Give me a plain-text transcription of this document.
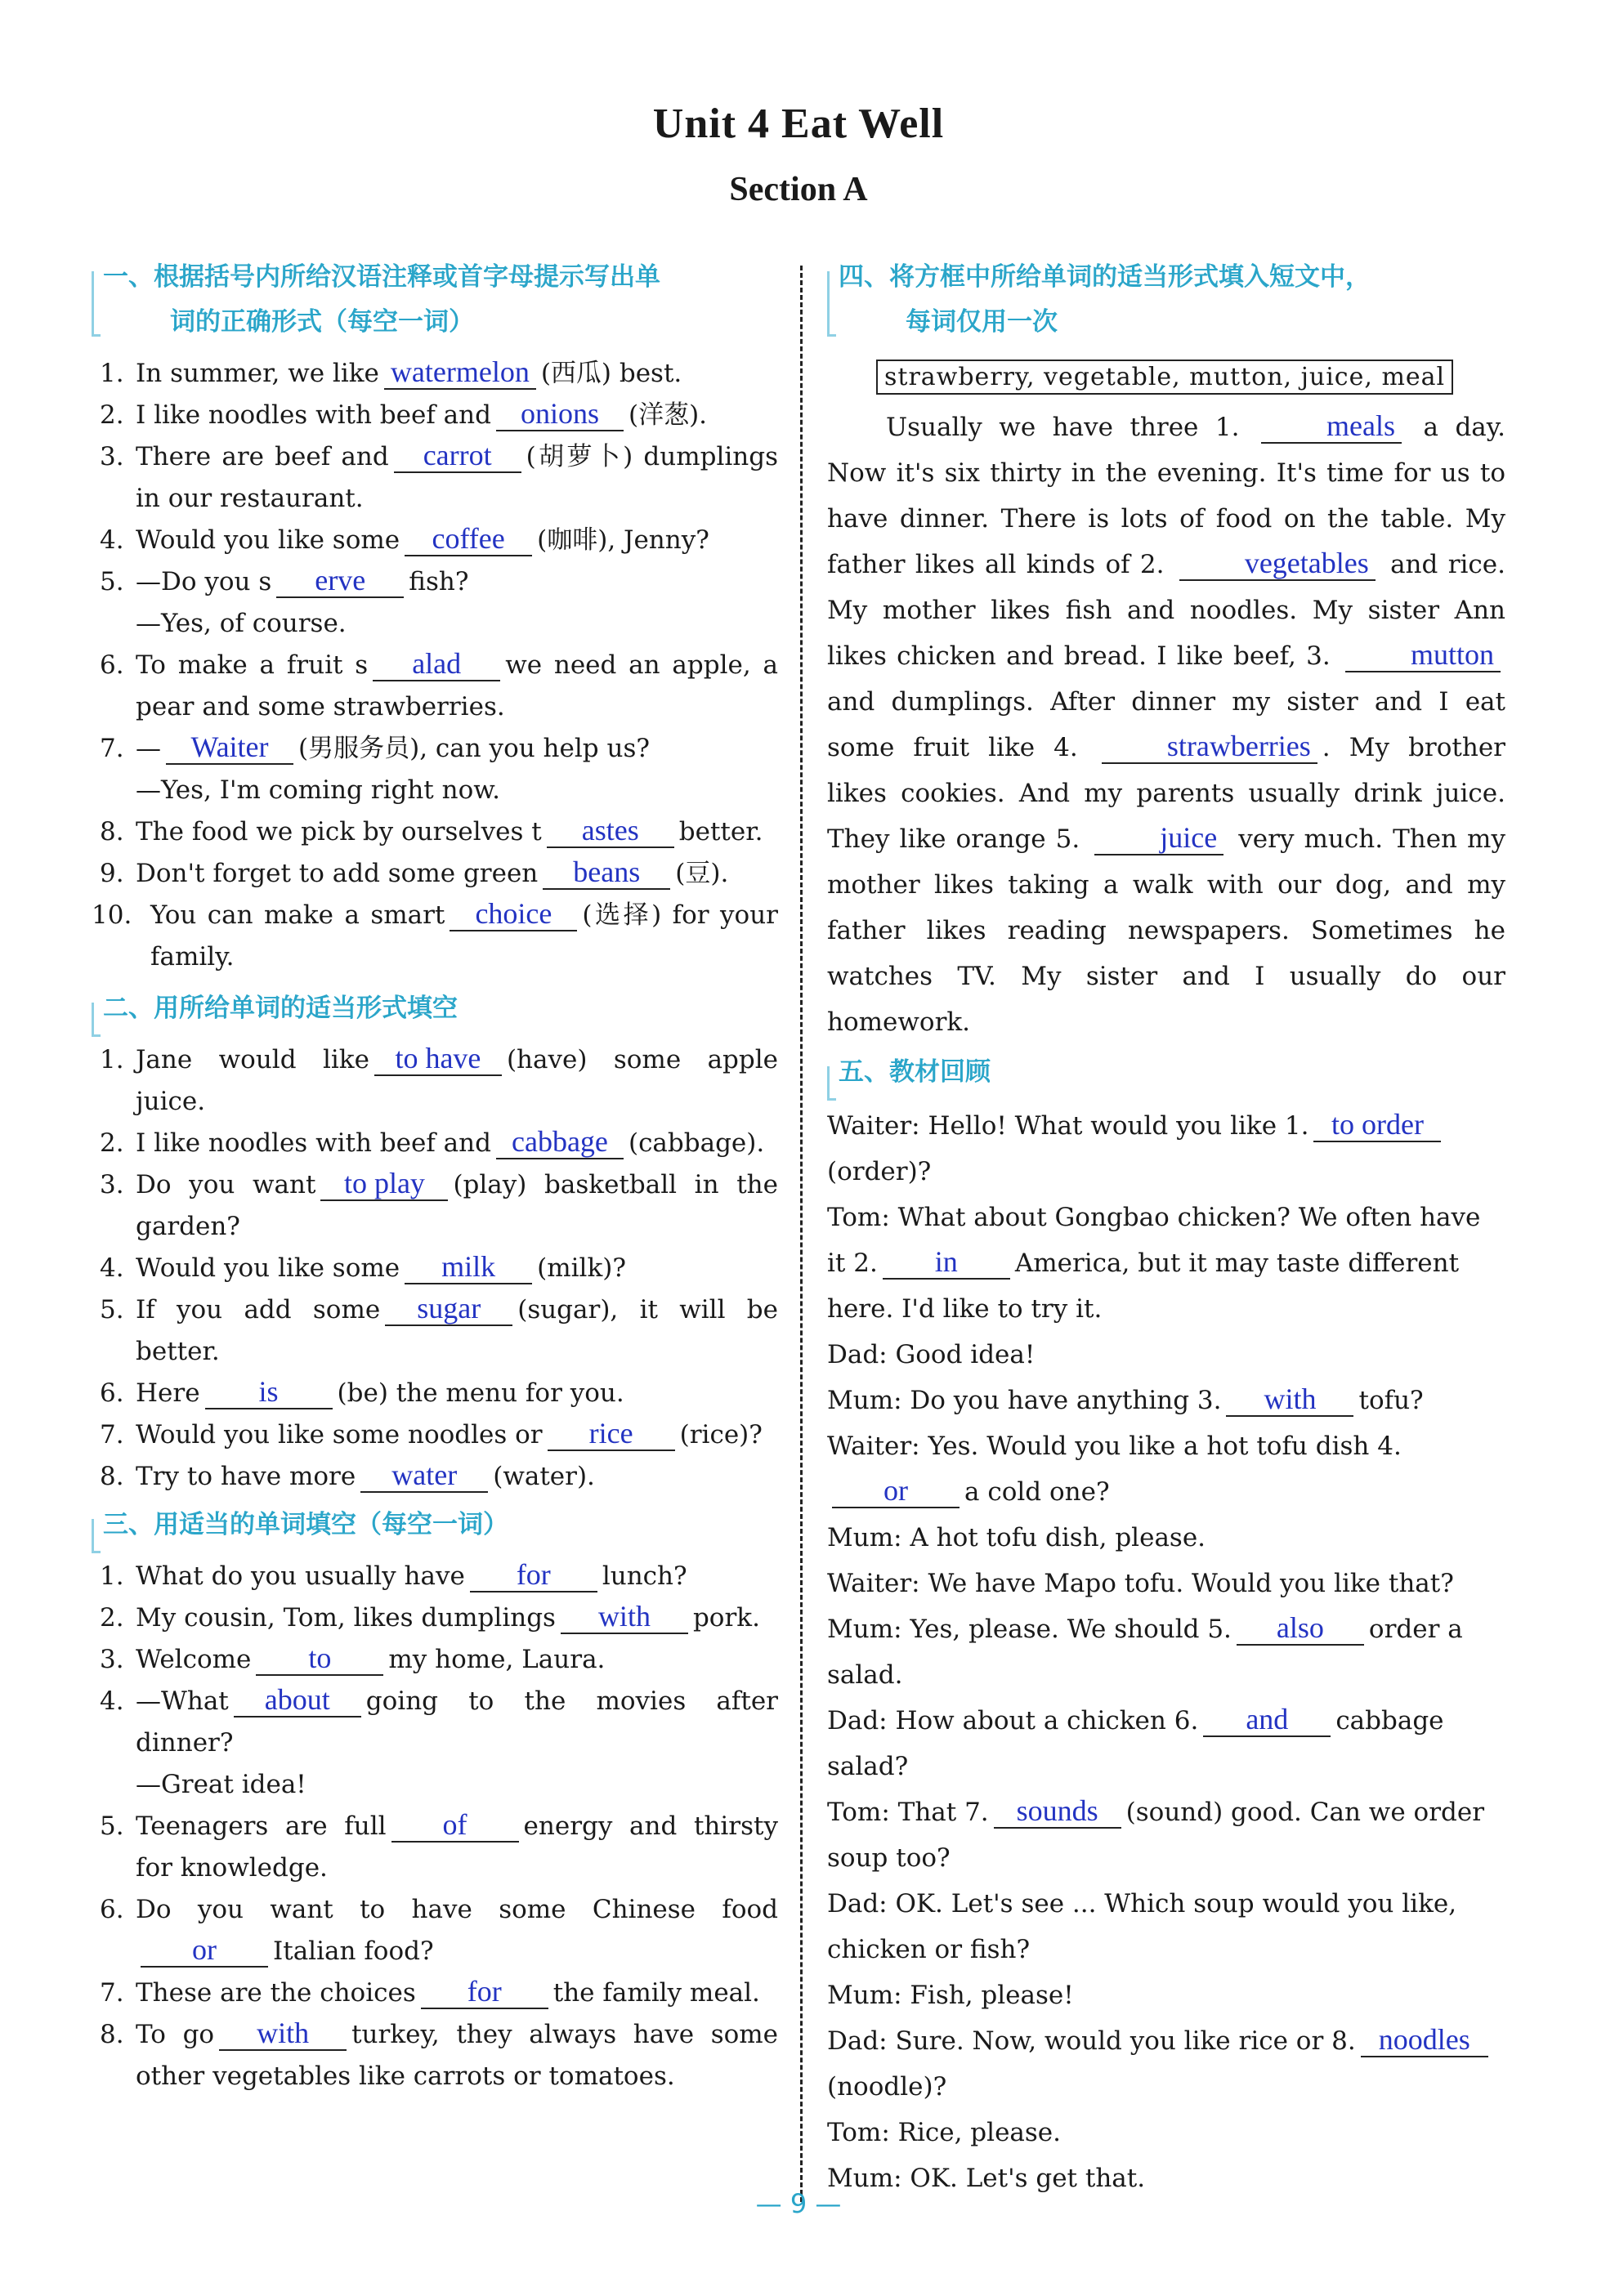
Unit 4 Eat Well
Section A
一、根据括号内所给汉语注释或首字母提示写出单
词的正确形式（每空一词）
1. In summer, we like watermelon (西瓜) best.
2. I like noodles with beef and onions (洋葱).
3. There are beef and carrot (胡萝卜) dumplings in our restaurant.
4. Would you like some coffee (咖啡), Jenny?
5. —Do you s erve fish?
—Yes, of course.
6. To make a fruit s alad we need an apple, a pear and some strawberries.
7. — Waiter (男服务员), can you help us?
—Yes, I'm coming right now.
8. The food we pick by ourselves t astes better.
9. Don't forget to add some green beans (豆).
10. You can make a smart choice (选择) for your family.
二、用所给单词的适当形式填空
1. Jane would like to have (have) some apple juice.
2. I like noodles with beef and cabbage (cabbage).
3. Do you want to play (play) basketball in the garden?
4. Would you like some milk (milk)?
5. If you add some sugar (sugar), it will be better.
6. Here is (be) the menu for you.
7. Would you like some noodles or rice (rice)?
8. Try to have more water (water).
三、用适当的单词填空（每空一词）
1. What do you usually have for lunch?
2. My cousin, Tom, likes dumplings with pork.
3. Welcome to my home, Laura.
4. —What about going to the movies after dinner?
—Great idea!
5. Teenagers are full of energy and thirsty for knowledge.
6. Do you want to have some Chinese foodor Italian food?
7. These are the choices for the family meal.
8. To go with turkey, they always have some other vegetables like carrots or tomatoes.
四、将方框中所给单词的适当形式填入短文中，
每词仅用一次
strawberry, vegetable, mutton, juice, meal

Usually we have three 1.	meals a day. Now it's six thirty in the evening. It's time for us to have dinner. There is lots of food on the table. My father likes all kinds of 2.	vegetables and rice. My mother likes fish and noodles. My sister Ann likes chicken and bread. I like beef, 3.	mutton and dumplings. After dinner my sister and I eat some fruit like 4.	strawberries . My brother likes cookies. And my parents usually drink juice. They like orange 5.	juice very much. Then my mother likes taking a walk with our dog, and my father likes reading newspapers. Sometimes he watches TV. My sister and I usually do our homework.

五、教材回顾
Waiter: Hello! What would you like 1. to order(order)?
Tom: What about Gongbao chicken? We often have it 2. in America, but it may taste different here. I'd like to try it.
Dad: Good idea!
Mum: Do you have anything 3. with tofu?
Waiter: Yes. Would you like a hot tofu dish 4.or a cold one?
Mum: A hot tofu dish, please.
Waiter: We have Mapo tofu. Would you like that?
Mum: Yes, please. We should 5. also order a salad.
Dad: How about a chicken 6. and cabbage salad?
Tom: That 7. sounds (sound) good. Can we order soup too?
Dad: OK. Let's see ... Which soup would you like, chicken or fish?
Mum: Fish, please!
Dad: Sure. Now, would you like rice or 8. noodles(noodle)?
Tom: Rice, please.
Mum: OK. Let's get that.
— 9 —
